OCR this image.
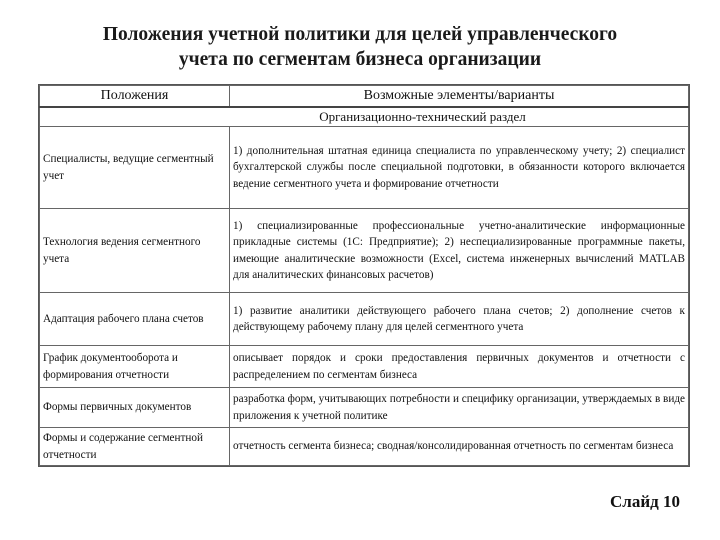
Положения учетной политики для целей управленческого
учета по сегментам бизнеса организации
Положения	Возможные элементы/варианты
Организационно-технический раздел	
Специалисты, ведущие сегментный учет	1) дополнительная штатная единица специалиста по управленческому учету; 2) специалист бухгалтерской службы после специальной подготовки, в обязанности которого включается ведение сегментного учета и формирование отчетности
Технология ведения сегментного учета	1) специализированные профессиональные учетно-аналитические информационные прикладные системы (1С: Предприятие); 2) неспециализированные программные пакеты, имеющие аналитические возможности (Excel, система инженерных вычислений MATLAB для аналитических финансовых расчетов)
Адаптация рабочего плана счетов	1) развитие аналитики действующего рабочего плана счетов; 2) дополнение счетов к действующему рабочему плану для целей сегментного учета
График документооборота и формирования отчетности	описывает порядок и сроки предоставления первичных документов и отчетности с распределением по сегментам бизнеса
Формы первичных документов	разработка форм, учитывающих потребности и специфику организации, утверждаемых в виде приложения к учетной политике
Формы и содержание сегментной отчетности	отчетность сегмента бизнеса; сводная/консолидированная отчетность по сегментам бизнеса
Слайд 10
